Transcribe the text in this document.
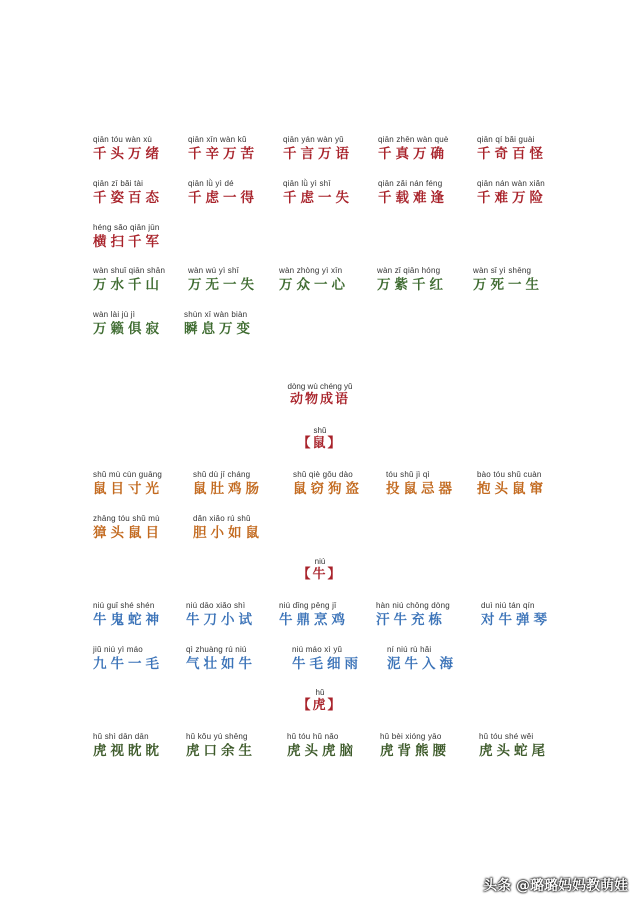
qiān tóu wàn xù
千头万绪
qiān xīn wàn kǔ
千辛万苦
qiān yán wàn yǔ
千言万语
qiān zhēn wàn què
千真万确
qiān qí bǎi guài
千奇百怪
qiān zī bǎi tài
千姿百态
qiān lǜ yì dé
千虑一得
qiān lǜ yì shī
千虑一失
qiān zǎi nán féng
千载难逢
qiān nán wàn xiǎn
千难万险
héng sǎo qiān jūn
横扫千军
wàn shuǐ qiān shān
万水千山
wàn wú yì shī
万无一失
wàn zhòng yì xīn
万众一心
wàn zǐ qiān hóng
万紫千红
wàn sǐ yì shēng
万死一生
wàn lài jù jì
万籁俱寂
shùn xī wàn biàn
瞬息万变
dòng wù chéng yǔ
动物成语
shǔ
【鼠】
shǔ mù cùn guāng
鼠目寸光
shǔ dù jī cháng
鼠肚鸡肠
shǔ qiè gǒu dào
鼠窃狗盗
tóu shǔ jì qì
投鼠忌器
bào tóu shǔ cuàn
抱头鼠窜
zhāng tóu shǔ mù
獐头鼠目
dǎn xiǎo rú shǔ
胆小如鼠
niú
【牛】
niú guǐ shé shén
牛鬼蛇神
niú dāo xiǎo shì
牛刀小试
niú dǐng pēng jī
牛鼎烹鸡
hàn niú chōng dòng
汗牛充栋
duì niú tán qín
对牛弹琴
jiǔ niú yì máo
九牛一毛
qì zhuàng rú niú
气壮如牛
niú máo xì yǔ
牛毛细雨
ní niú rù hǎi
泥牛入海
hǔ
【虎】
hǔ shì dān dān
虎视眈眈
hǔ kǒu yú shēng
虎口余生
hǔ tóu hǔ nǎo
虎头虎脑
hǔ bèi xióng yāo
虎背熊腰
hǔ tóu shé wěi
虎头蛇尾
头条 @璐璐妈妈教萌娃
